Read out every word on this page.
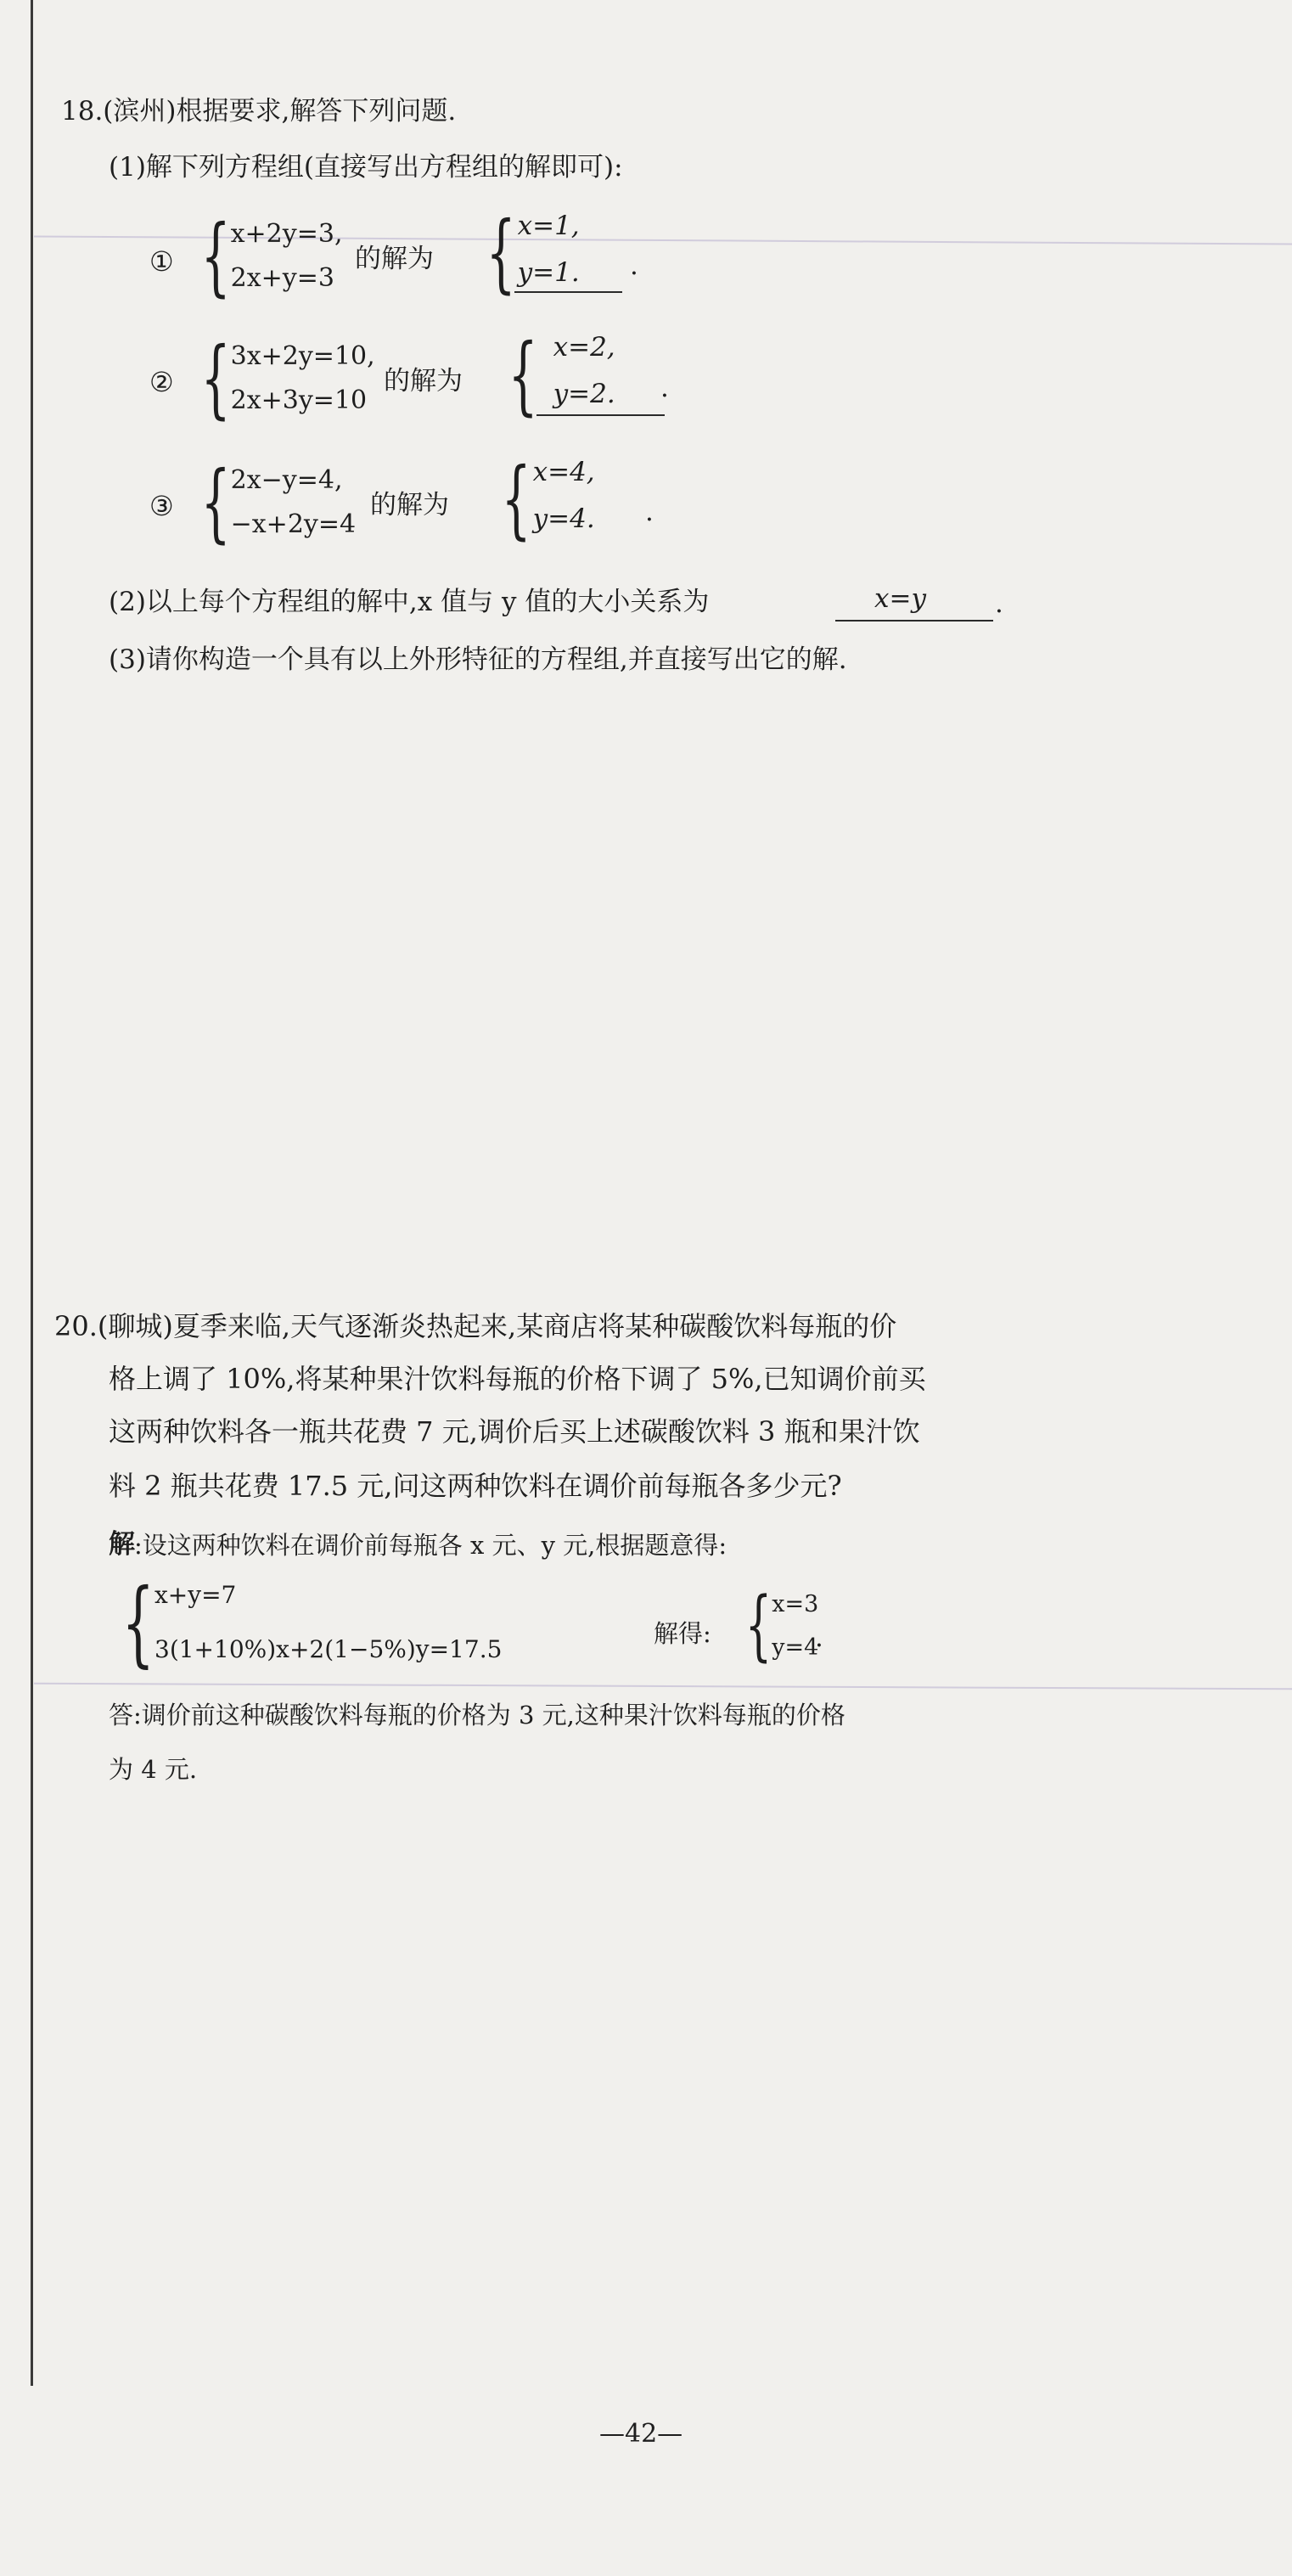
18.(滨州)根据要求,解答下列问题.
(1)解下列方程组(直接写出方程组的解即可):
① { x+2y=3,
2x+y=3
的解为 { x=1,
y=1. .
② { 3x+2y=10,
2x+3y=10
的解为 { x=2,
y=2. .
③ { 2x−y=4,
−x+2y=4
的解为 { x=4,
y=4. .
(2)以上每个方程组的解中,x 值与 y 值的大小关系为	x=y	.
(3)请你构造一个具有以上外形特征的方程组,并直接写出它的解.
20.(聊城)夏季来临,天气逐渐炎热起来,某商店将某种碳酸饮料每瓶的价
格上调了 10%,将某种果汁饮料每瓶的价格下调了 5%,已知调价前买
这两种饮料各一瓶共花费 7 元,调价后买上述碳酸饮料 3 瓶和果汁饮
料 2 瓶共花费 17.5 元,问这两种饮料在调价前每瓶各多少元?
解 :设这两种饮料在调价前每瓶各 x 元、y 元,根据题意得:
{ x+y=7
3(1+10%)x+2(1−5%)y=17.5
解得: { x=3
y=4
.
答:调价前这种碳酸饮料每瓶的价格为 3 元,这种果汁饮料每瓶的价格
为 4 元.
—42—
